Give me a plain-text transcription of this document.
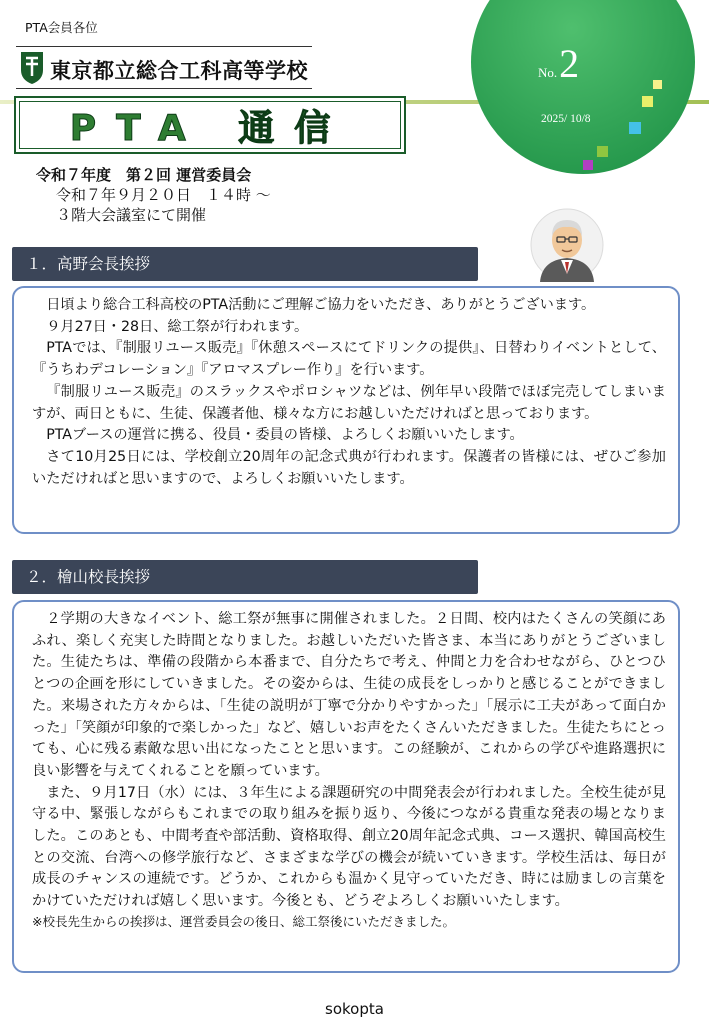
PTA会員各位
東京都立総合工科高等学校
PTA 通信
No.2
2025/ 10/8
令和７年度　第２回 運営委員会
令和７年９月２０日　１４時 ～
３階大会議室にて開催
１．高野会長挨拶

日頃より総合工科高校のPTA活動にご理解ご協力をいただき、ありがとうございます。

９月27日・28日、総工祭が行われます。

PTAでは、『制服リユース販売』『休憩スペースにてドリンクの提供』、日替わりイベントとして、『うちわデコレーション』『アロマスプレー作り』を行います。

『制服リユース販売』のスラックスやポロシャツなどは、例年早い段階でほぼ完売してしまいますが、両日ともに、生徒、保護者他、様々な方にお越しいただければと思っております。

PTAブースの運営に携る、役員・委員の皆様、よろしくお願いいたします。

さて10月25日には、学校創立20周年の記念式典が行われます。保護者の皆様には、ぜひご参加いただければと思いますので、よろしくお願いいたします。

２．檜山校長挨拶

２学期の大きなイベント、総工祭が無事に開催されました。２日間、校内はたくさんの笑顔にあふれ、楽しく充実した時間となりました。お越しいただいた皆さま、本当にありがとうございました。生徒たちは、準備の段階から本番まで、自分たちで考え、仲間と力を合わせながら、ひとつひとつの企画を形にしていきました。その姿からは、生徒の成長をしっかりと感じることができました。来場された方々からは、「生徒の説明が丁寧で分かりやすかった」「展示に工夫があって面白かった」「笑顔が印象的で楽しかった」など、嬉しいお声をたくさんいただきました。生徒たちにとっても、心に残る素敵な思い出になったことと思います。この経験が、これからの学びや進路選択に良い影響を与えてくれることを願っています。

また、９月17日（水）には、３年生による課題研究の中間発表会が行われました。全校生徒が見守る中、緊張しながらもこれまでの取り組みを振り返り、今後につながる貴重な発表の場となりました。このあとも、中間考査や部活動、資格取得、創立20周年記念式典、コース選択、韓国高校生との交流、台湾への修学旅行など、さまざまな学びの機会が続いていきます。学校生活は、毎日が成長のチャンスの連続です。どうか、これからも温かく見守っていただき、時には励ましの言葉をかけていただければ嬉しく思います。今後とも、どうぞよろしくお願いいたします。

※校長先生からの挨拶は、運営委員会の後日、総工祭後にいただきました。

sokopta
